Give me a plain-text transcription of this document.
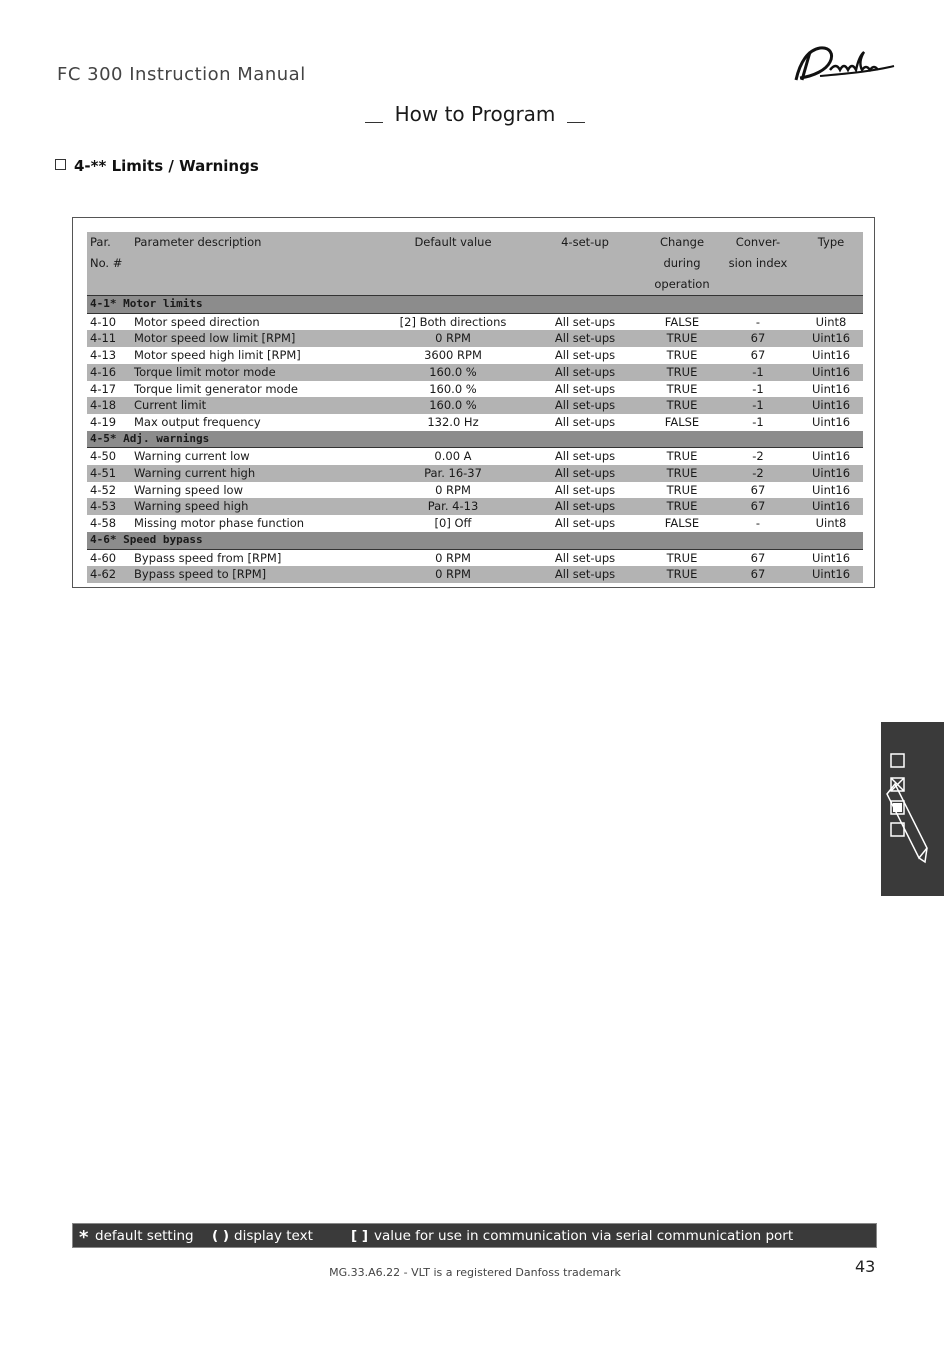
FC 300 Instruction Manual
How to Program
4-** Limits / Warnings
Par.	Parameter description	Default value	4-set-up	Change	Conver-	Type
No. #				during	sion index	
				operation		
4-1* Motor limits						
4-10	Motor speed direction	[2] Both directions	All set-ups	FALSE	-	Uint8
4-11	Motor speed low limit [RPM]	0 RPM	All set-ups	TRUE	67	Uint16
4-13	Motor speed high limit [RPM]	3600 RPM	All set-ups	TRUE	67	Uint16
4-16	Torque limit motor mode	160.0 %	All set-ups	TRUE	-1	Uint16
4-17	Torque limit generator mode	160.0 %	All set-ups	TRUE	-1	Uint16
4-18	Current limit	160.0 %	All set-ups	TRUE	-1	Uint16
4-19	Max output frequency	132.0 Hz	All set-ups	FALSE	-1	Uint16
4-5* Adj. warnings						
4-50	Warning current low	0.00 A	All set-ups	TRUE	-2	Uint16
4-51	Warning current high	Par. 16-37	All set-ups	TRUE	-2	Uint16
4-52	Warning speed low	0 RPM	All set-ups	TRUE	67	Uint16
4-53	Warning speed high	Par. 4-13	All set-ups	TRUE	67	Uint16
4-58	Missing motor phase function	[0] Off	All set-ups	FALSE	-	Uint8
4-6* Speed bypass						
4-60	Bypass speed from [RPM]	0 RPM	All set-ups	TRUE	67	Uint16
4-62	Bypass speed to [RPM]	0 RPM	All set-ups	TRUE	67	Uint16
* default setting ( ) display text	[ ] value for use in communication via serial communication port
MG.33.A6.22 - VLT is a registered Danfoss trademark	43
